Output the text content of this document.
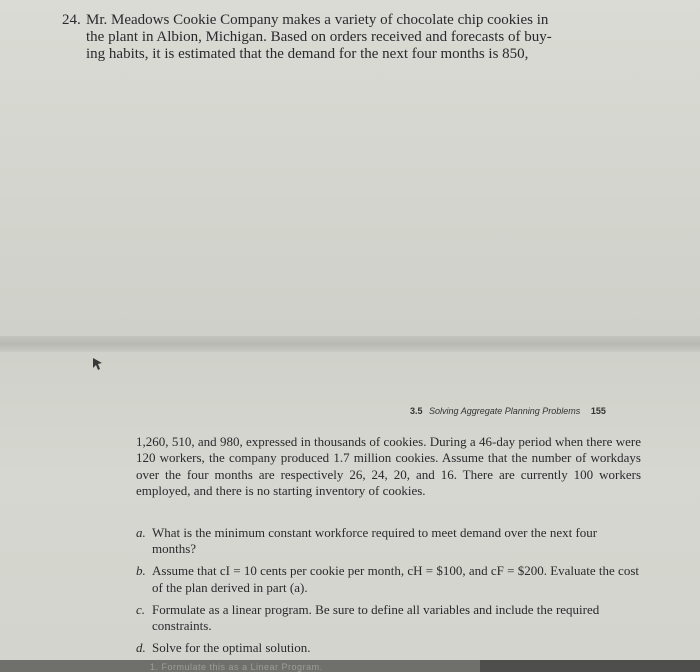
24. Mr. Meadows Cookie Company makes a variety of chocolate chip cookies in
the plant in Albion, Michigan. Based on orders received and forecasts of buy-
ing habits, it is estimated that the demand for the next four months is 850,
3.5 Solving Aggregate Planning Problems 155
1,260, 510, and 980, expressed in thousands of cookies. During a 46-day period when there were 120 workers, the company produced 1.7 million cookies. Assume that the number of workdays over the four months are respectively 26, 24, 20, and 16. There are currently 100 workers employed, and there is no starting inventory of cookies.
a. What is the minimum constant workforce required to meet demand over the next four months?
b. Assume that cI = 10 cents per cookie per month, cH = $100, and cF = $200. Evaluate the cost of the plan derived in part (a).
c. Formulate as a linear program. Be sure to define all variables and include the required constraints.
d. Solve for the optimal solution.
1. Formulate this as a Linear Program.
